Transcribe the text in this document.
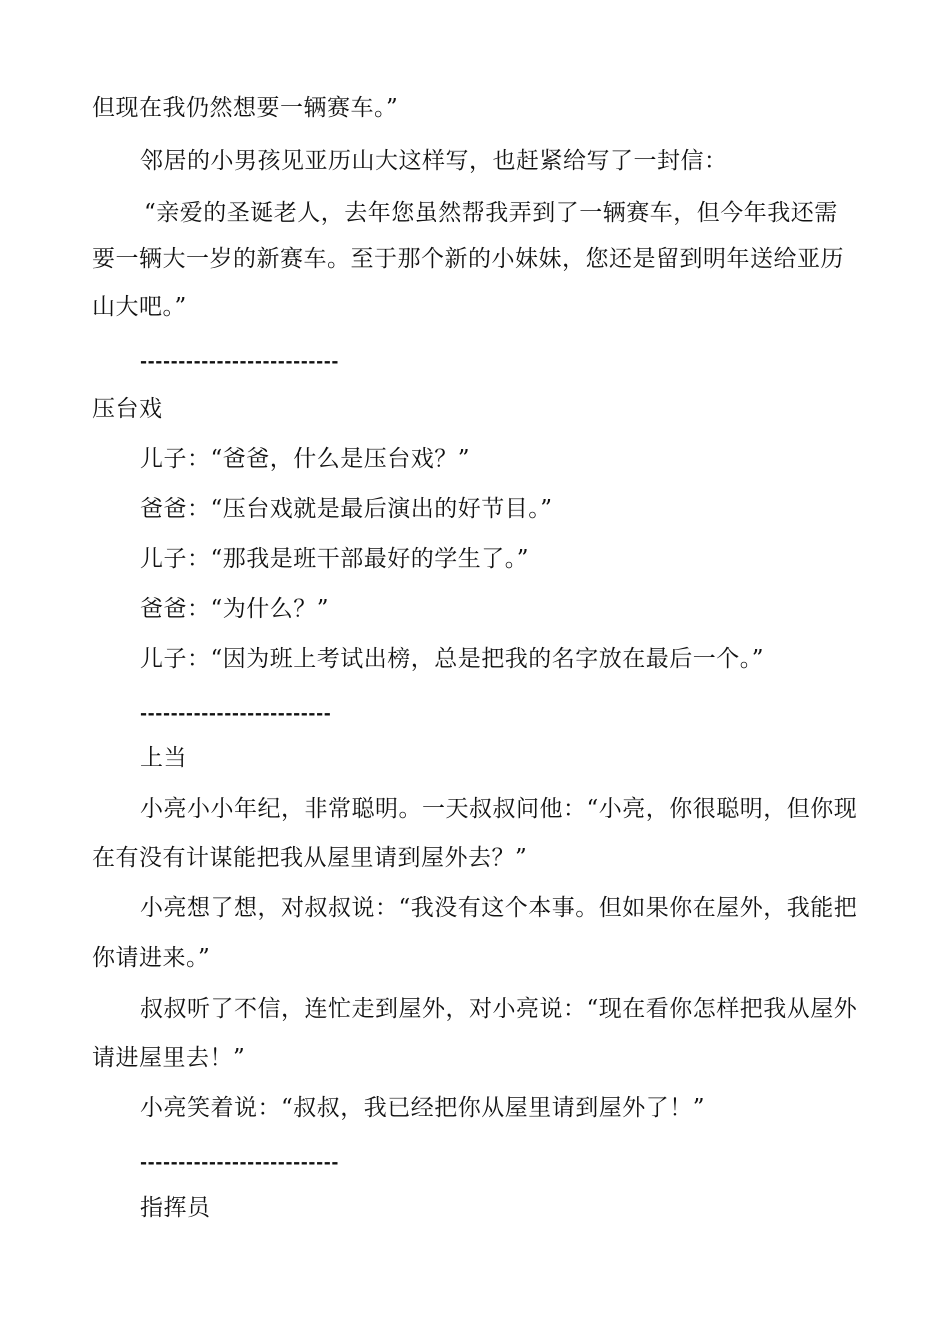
但现在我仍然想要一辆赛车。”
邻居的小男孩见亚历山大这样写，也赶紧给写了一封信：
“亲爱的圣诞老人，去年您虽然帮我弄到了一辆赛车，但今年我还需
要一辆大一岁的新赛车。至于那个新的小妹妹，您还是留到明年送给亚历
山大吧。”
--------------------------
压台戏
儿子：“爸爸，什么是压台戏？”
爸爸：“压台戏就是最后演出的好节目。”
儿子：“那我是班干部最好的学生了。”
爸爸：“为什么？”
儿子：“因为班上考试出榜，总是把我的名字放在最后一个。”
-------------------------
上当
小亮小小年纪，非常聪明。一天叔叔问他：“小亮，你很聪明，但你现
在有没有计谋能把我从屋里请到屋外去？”
小亮想了想，对叔叔说：“我没有这个本事。但如果你在屋外，我能把
你请进来。”
叔叔听了不信，连忙走到屋外，对小亮说：“现在看你怎样把我从屋外
请进屋里去！”
小亮笑着说：“叔叔，我已经把你从屋里请到屋外了！”
--------------------------
指挥员
